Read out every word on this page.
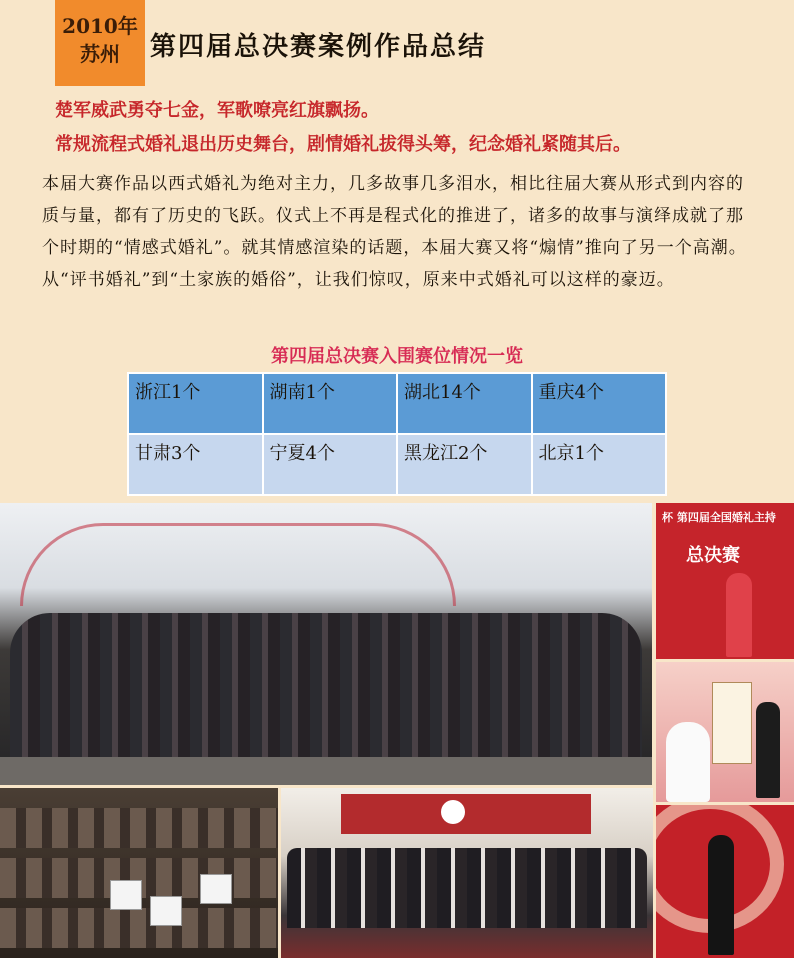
2010年
苏州	第四届总决赛案例作品总结
楚军威武勇夺七金，军歌嘹亮红旗飘扬。
常规流程式婚礼退出历史舞台，剧情婚礼拔得头筹，纪念婚礼紧随其后。
本届大赛作品以西式婚礼为绝对主力，几多故事几多泪水，相比往届大赛从形式到内容的质与量，都有了历史的飞跃。仪式上不再是程式化的推进了，诸多的故事与演绎成就了那个时期的“情感式婚礼”。就其情感渲染的话题，本届大赛又将“煽情”推向了另一个高潮。从“评书婚礼”到“土家族的婚俗”，让我们惊叹，原来中式婚礼可以这样的豪迈。
第四届总决赛入围赛位情况一览
浙江1个	湖南1个	湖北14个	重庆4个
甘肃3个	宁夏4个	黑龙江2个	北京1个
杯 第四届全国婚礼主持
总决赛
